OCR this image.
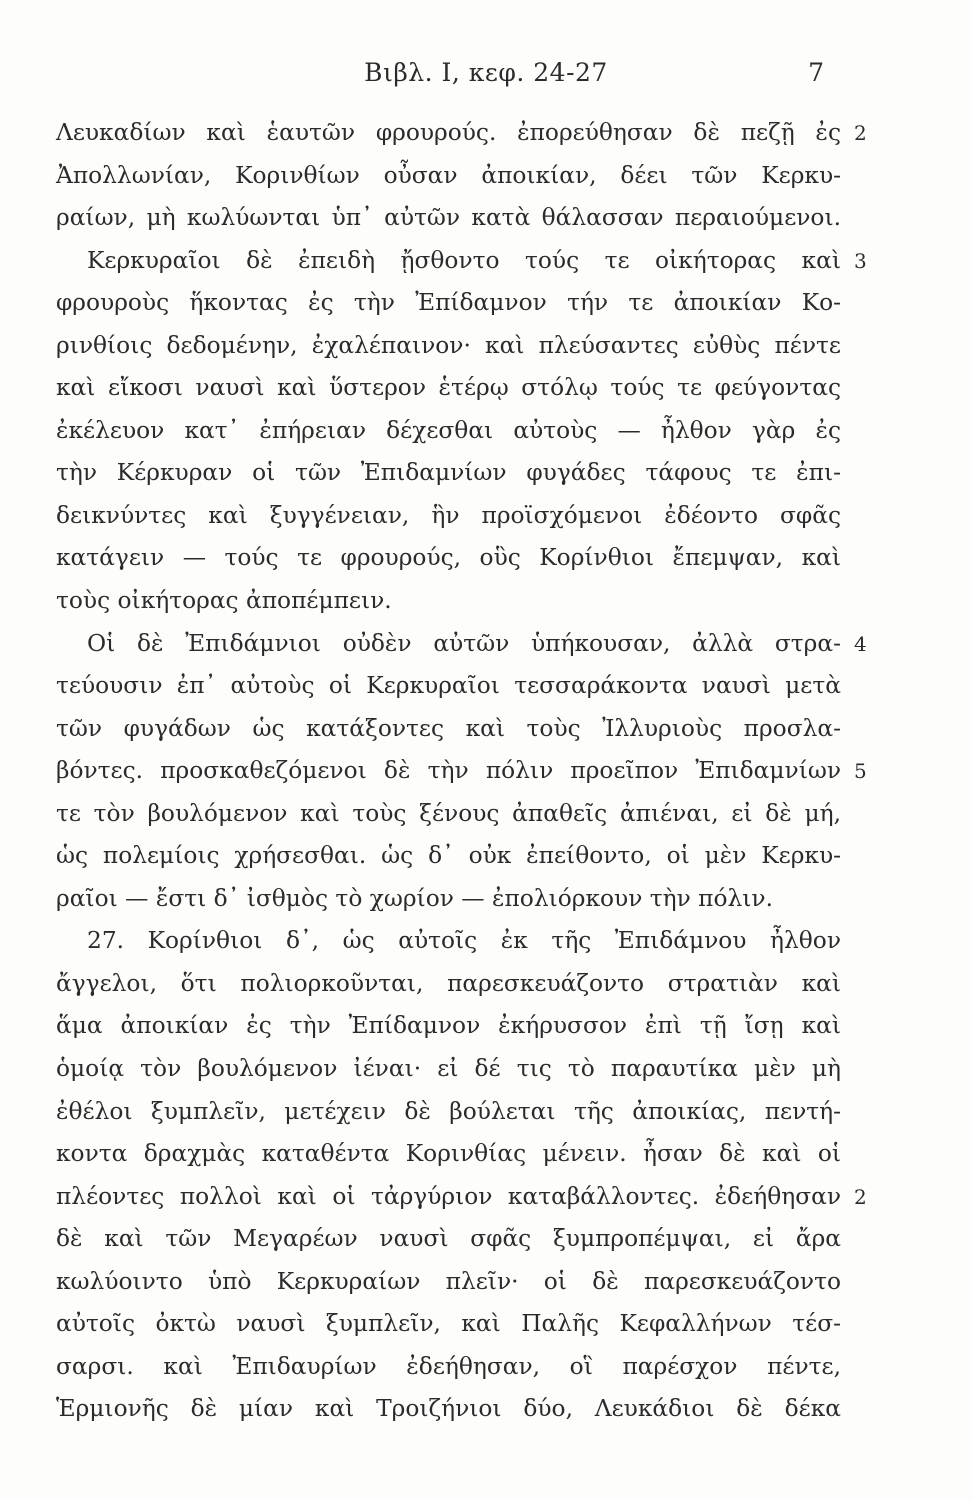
Βιβλ. I, κεφ. 24-27	7
Λευκαδίων καὶ ἑαυτῶν φρουρούς. ἐπορεύθησαν δὲ πεζῇ ἐς 2
Ἀπολλωνίαν, Κορινθίων οὖσαν ἀποικίαν, δέει τῶν Κερκυ-
ραίων, μὴ κωλύωνται ὑπ᾽ αὐτῶν κατὰ θάλασσαν περαιούμενοι.
Κερκυραῖοι δὲ ἐπειδὴ ᾔσθοντο τούς τε οἰκήτορας καὶ 3
φρουροὺς ἥκοντας ἐς τὴν Ἐπίδαμνον τήν τε ἀποικίαν Κο-
ρινθίοις δεδομένην, ἐχαλέπαινον· καὶ πλεύσαντες εὐθὺς πέντε
καὶ εἴκοσι ναυσὶ καὶ ὕστερον ἑτέρῳ στόλῳ τούς τε φεύγοντας
ἐκέλευον κατ᾽ ἐπήρειαν δέχεσθαι αὐτοὺς — ἦλθον γὰρ ἐς
τὴν Κέρκυραν οἱ τῶν Ἐπιδαμνίων φυγάδες τάφους τε ἐπι-
δεικνύντες καὶ ξυγγένειαν, ἣν προϊσχόμενοι ἐδέοντο σφᾶς
κατάγειν — τούς τε φρουρούς, οὓς Κορίνθιοι ἔπεμψαν, καὶ
τοὺς οἰκήτορας ἀποπέμπειν.
Οἱ δὲ Ἐπιδάμνιοι οὐδὲν αὐτῶν ὑπήκουσαν, ἀλλὰ στρα- 4
τεύουσιν ἐπ᾽ αὐτοὺς οἱ Κερκυραῖοι τεσσαράκοντα ναυσὶ μετὰ
τῶν φυγάδων ὡς κατάξοντες καὶ τοὺς Ἰλλυριοὺς προσλα-
βόντες. προσκαθεζόμενοι δὲ τὴν πόλιν προεῖπον Ἐπιδαμνίων 5
τε τὸν βουλόμενον καὶ τοὺς ξένους ἀπαθεῖς ἀπιέναι, εἰ δὲ μή,
ὡς πολεμίοις χρήσεσθαι. ὡς δ᾽ οὐκ ἐπείθοντο, οἱ μὲν Κερκυ-
ραῖοι — ἔστι δ᾽ ἰσθμὸς τὸ χωρίον — ἐπολιόρκουν τὴν πόλιν.
27. Κορίνθιοι δ᾽, ὡς αὐτοῖς ἐκ τῆς Ἐπιδάμνου ἦλθον
ἄγγελοι, ὅτι πολιορκοῦνται, παρεσκευάζοντο στρατιὰν καὶ
ἅμα ἀποικίαν ἐς τὴν Ἐπίδαμνον ἐκήρυσσον ἐπὶ τῇ ἴσῃ καὶ
ὁμοίᾳ τὸν βουλόμενον ἰέναι· εἰ δέ τις τὸ παραυτίκα μὲν μὴ
ἐθέλοι ξυμπλεῖν, μετέχειν δὲ βούλεται τῆς ἀποικίας, πεντή-
κοντα δραχμὰς καταθέντα Κορινθίας μένειν. ἦσαν δὲ καὶ οἱ
πλέοντες πολλοὶ καὶ οἱ τἀργύριον καταβάλλοντες. ἐδεήθησαν 2
δὲ καὶ τῶν Μεγαρέων ναυσὶ σφᾶς ξυμπροπέμψαι, εἰ ἄρα
κωλύοιντο ὑπὸ Κερκυραίων πλεῖν· οἱ δὲ παρεσκευάζοντο
αὐτοῖς ὀκτὼ ναυσὶ ξυμπλεῖν, καὶ Παλῆς Κεφαλλήνων τέσ-
σαρσι. καὶ Ἐπιδαυρίων ἐδεήθησαν, οἳ παρέσχον πέντε,
Ἑρμιονῆς δὲ μίαν καὶ Τροιζήνιοι δύο, Λευκάδιοι δὲ δέκα
